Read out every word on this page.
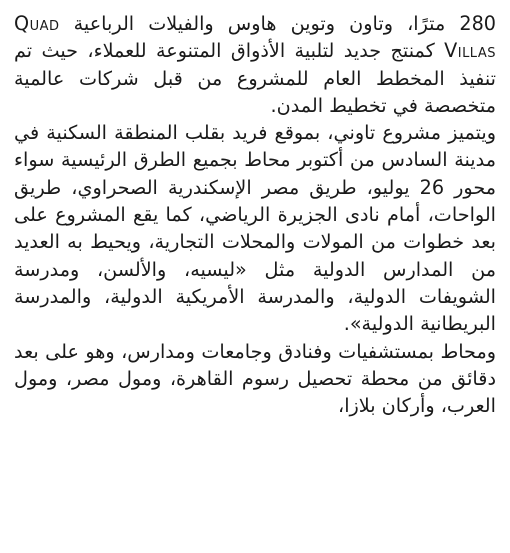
280 مترًا، وتاون وتوين هاوس والفيلات الرباعية Quad Villas كمنتج جديد لتلبية الأذواق المتنوعة للعملاء، حيث تم تنفيذ المخطط العام للمشروع من قبل شركات عالمية متخصصة في تخطيط المدن.

ويتميز مشروع تاوني، بموقع فريد بقلب المنطقة السكنية في مدينة السادس من أكتوبر محاط بجميع الطرق الرئيسية سواء محور 26 يوليو، طريق مصر الإسكندرية الصحراوي، طريق الواحات، أمام نادى الجزيرة الرياضي، كما يقع المشروع على بعد خطوات من المولات والمحلات التجارية، ويحيط به العديد من المدارس الدولية مثل «ليسيه، والألسن، ومدرسة الشويفات الدولية، والمدرسة الأمريكية الدولية، والمدرسة البريطانية الدولية».

ومحاط بمستشفيات وفنادق وجامعات ومدارس، وهو على بعد دقائق من محطة تحصيل رسوم القاهرة، ومول مصر، ومول العرب، وأركان بلازا،
